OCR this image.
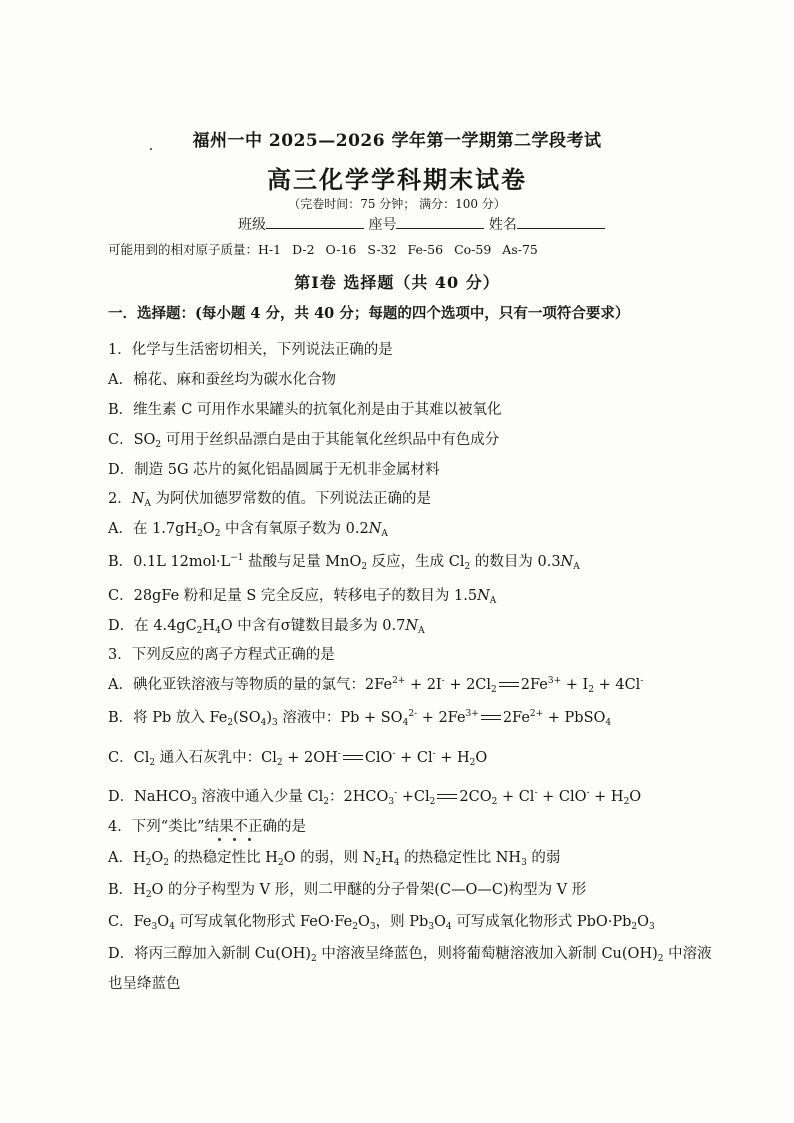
福州一中 2025—2026 学年第一学期第二学段考试
高三化学学科期末试卷
（完卷时间：75 分钟； 满分：100 分）
班级	座号	姓名
可能用到的相对原子质量：H-1 D-2 O-16 S-32 Fe-56 Co-59 As-75
第Ⅰ卷 选择题（共 40 分）
一．选择题：(每小题 4 分，共 40 分；每题的四个选项中，只有一项符合要求）
1．化学与生活密切相关，下列说法正确的是
A．棉花、麻和蚕丝均为碳水化合物
B．维生素 C 可用作水果罐头的抗氧化剂是由于其难以被氧化
C．$SO_2$ 可用于丝织品漂白是由于其能氧化丝织品中有色成分
D．制造 5G 芯片的氮化铝晶圆属于无机非金属材料
2．$N_A$ 为阿伏加德罗常数的值。下列说法正确的是
A．在 $1.7gH_2O_2$ 中含有氧原子数为 $0.2N_A$
B．0.1L $12mol\cdot L^{-1}$ 盐酸与足量 MnO$_2$ 反应，生成 $Cl_2$ 的数目为 $0.3N_A$
C．28gFe 粉和足量 S 完全反应，转移电子的数目为 $1.5N_A$
D．在 $4.4gC_2H_4O$ 中含有σ键数目最多为 $0.7N_A$
3．下列反应的离子方程式正确的是
A．碘化亚铁溶液与等物质的量的氯气：$2Fe^{2+} + 2I^- + 2Cl_2$ $2Fe^{3+} + I_2 + 4Cl^-$
B．将 Pb 放入 $Fe_2(SO_4)_3$ 溶液中：$Pb + SO_4^{2-} + 2Fe^{3+}$ $2Fe^{2+}$ + PbSO$_4$
C．$Cl_2$ 通入石灰乳中：$Cl_2 + 2OH^-$ $ClO^- + Cl^- + H_2O$
D．NaHCO$_3$ 溶液中通入少量 $Cl_2$：$2HCO_3^- +Cl_2$ $2CO_2 + Cl^- + ClO^- + H_2O$
4．下列“类比”结果不正确的是
A．$H_2O_2$ 的热稳定性比 $H_2O$ 的弱，则 $N_2H_4$ 的热稳定性比 $NH_3$ 的弱
B．$H_2O$ 的分子构型为 V 形，则二甲醚的分子骨架(C—O—C)构型为 V 形
C．$Fe_3O_4$ 可写成氧化物形式 $FeO\cdot Fe_2O_3$，则 $Pb_3O_4$ 可写成氧化物形式 $PbO\cdot Pb_2O_3$
D．将丙三醇加入新制 $Cu(OH)_2$ 中溶液呈绛蓝色，则将葡萄糖溶液加入新制 $Cu(OH)_2$ 中溶液
也呈绛蓝色
